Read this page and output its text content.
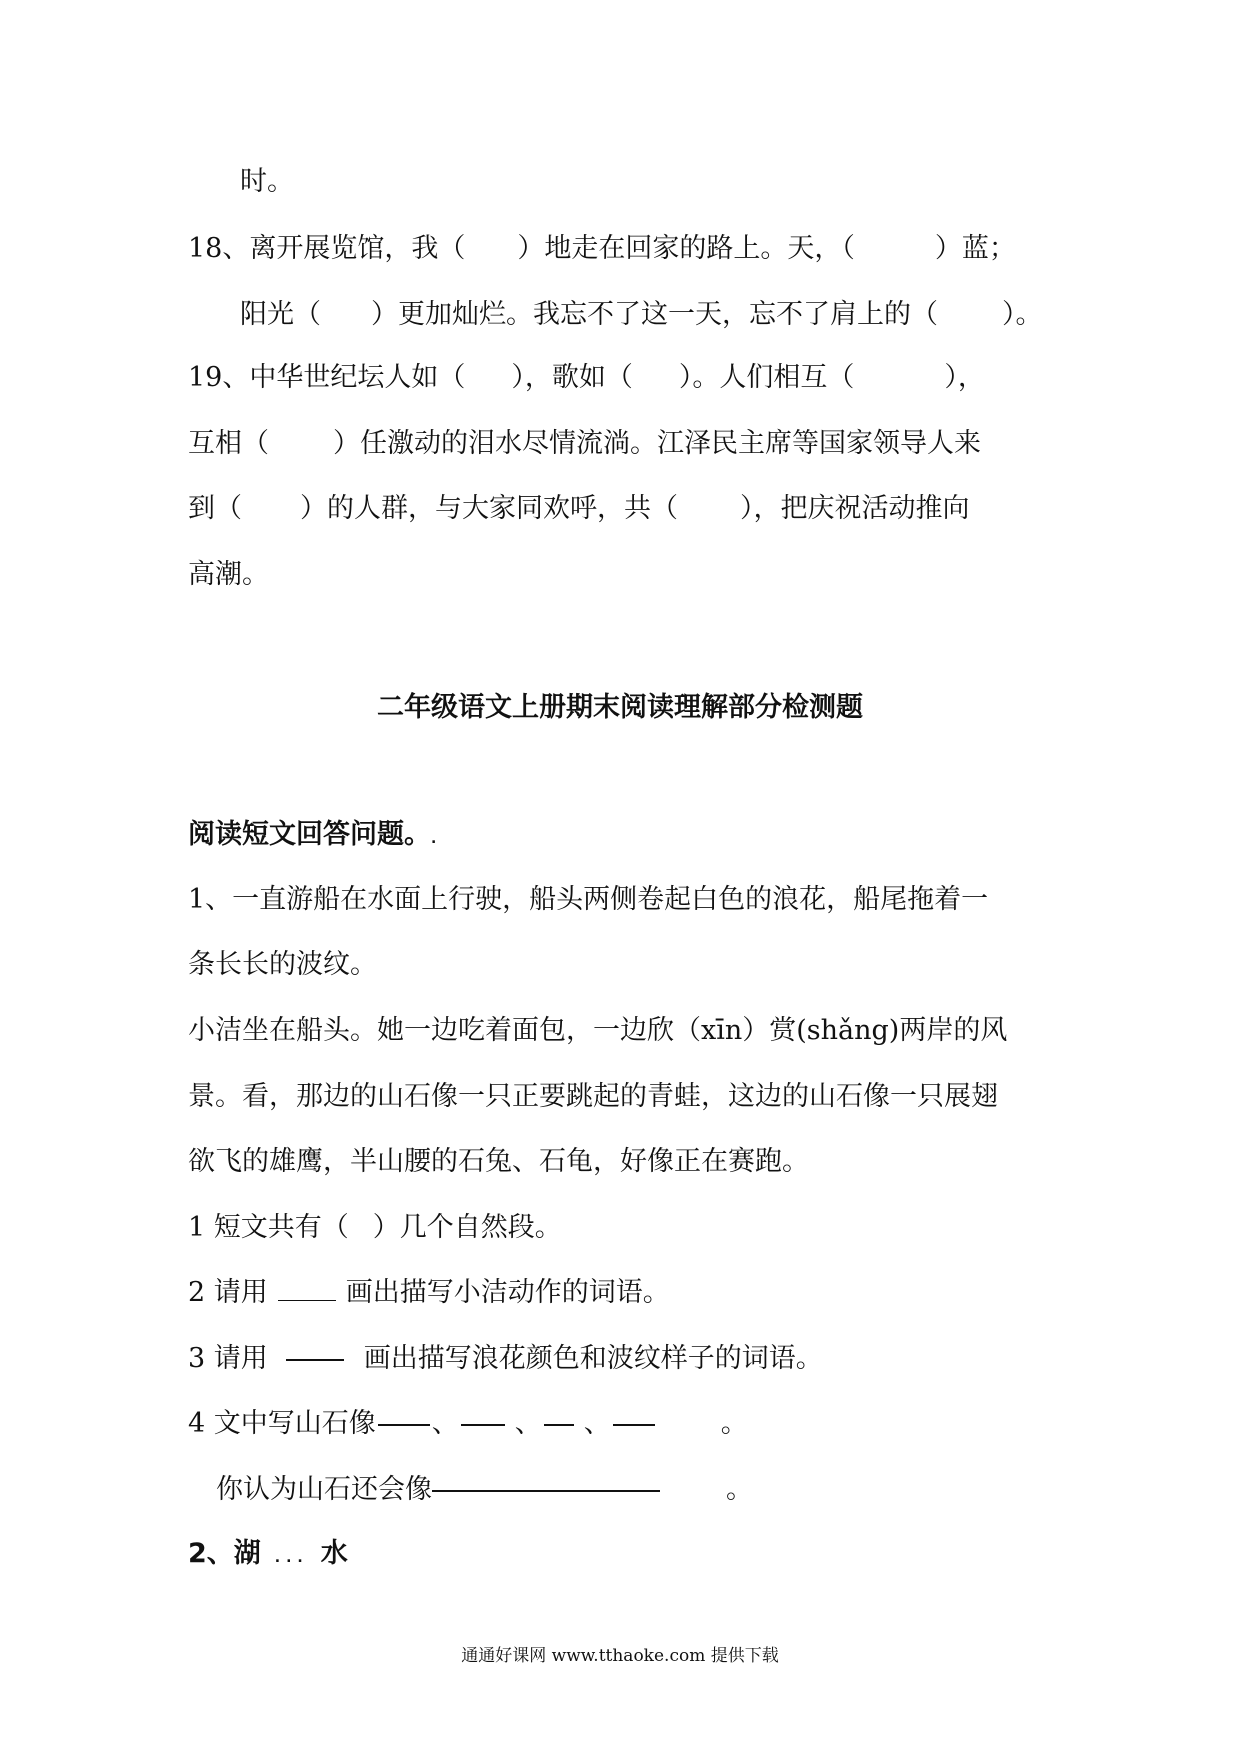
时。
18、离开展览馆，我（ ）地走在回家的路上。天，（	）蓝；
阳光（ ）更加灿烂。我忘不了这一天，忘不了肩上的（ ）。
19、中华世纪坛人如（ ），歌如（ ）。人们相互（	），
互相（ ）任激动的泪水尽情流淌。江泽民主席等国家领导人来
到（ ）的人群，与大家同欢呼，共（ ），把庆祝活动推向
高潮。
二年级语文上册期末阅读理解部分检测题
阅读短文回答问题。.
1、一直游船在水面上行驶，船头两侧卷起白色的浪花，船尾拖着一
条长长的波纹。
小洁坐在船头。她一边吃着面包，一边欣（xīn）赏(shǎng)两岸的风
景。看，那边的山石像一只正要跳起的青蛙，这边的山石像一只展翅
欲飞的雄鹰，半山腰的石兔、石龟，好像正在赛跑。
1 短文共有（ ）几个自然段。
2 请用	画出描写小洁动作的词语。
3 请用	画出描写浪花颜色和波纹样子的词语。
4 文中写山石像 、 、 、	。
你认为山石还会像	。
2、湖 ... 水
通通好课网 www.tthaoke.com 提供下载
